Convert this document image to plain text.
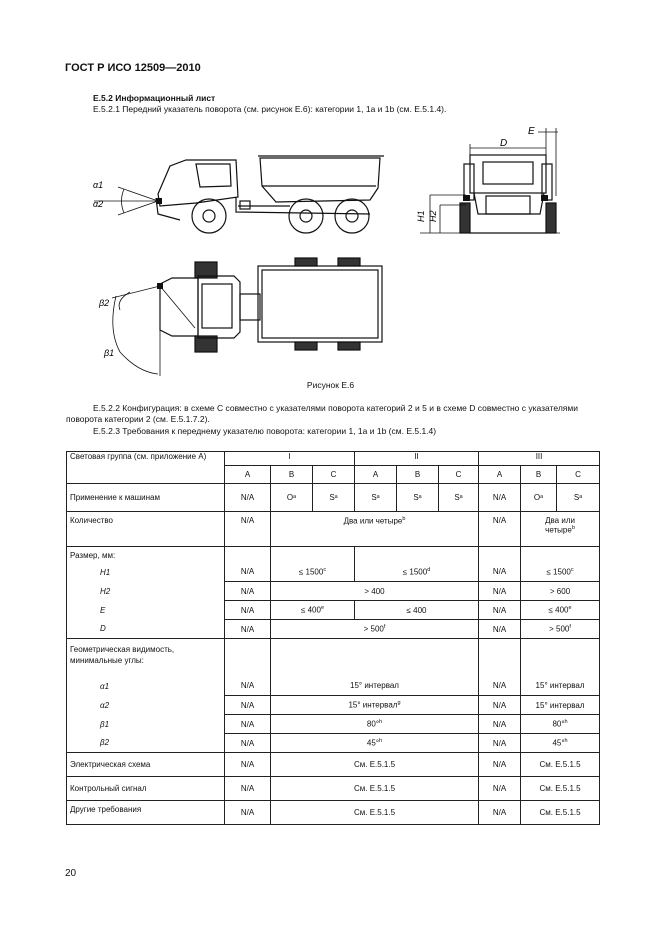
ГОСТ Р ИСО 12509—2010
Е.5.2 Информационный лист
Е.5.2.1 Передний указатель поворота (см. рисунок Е.6): категории 1, 1а и 1b (см. Е.5.1.4).
α1
α2
D
E
H1 H2
β2
β1
Рисунок Е.6
Е.5.2.2 Конфигурация: в схеме С совместно с указателями поворота категорий 2 и 5 и в схеме D совместно с указателями поворота категории 2 (см. Е.5.1.7.2).
Е.5.2.3 Требования к переднему указателю поворота: категории 1, 1а и 1b (см. Е.5.1.4)
Световая группа (см. приложение А)	I			II			III		
	A	B	C	A	B	C	A	B	C
Применение к машинам	N/A	Oᵃ	Sᵃ	Sᵃ	Sᵃ	Sᵃ	N/A	Oᵃ	Sᵃ
Количество	N/A	Два или четыре$^b$					N/A	Два или
четыре$^b$
Размер, мм:									

H1	N/A	≤ $1500^c$		≤ $1500^d$			N/A	≤ $1500^c$

H2	N/A	> 400					N/A	> 600	

E	N/A	≤ $400^e$		≤ 400			N/A	≤ $400^e$

D	N/A	> $500^f$					N/A	> $500^f$
Геометрическая видимость, минимальные углы:									

α1	N/A	15° интервал					N/A	15° интервал	

α2	N/A	15° интервал$^g$					N/A	15° интервал	

β1	N/A	80°$^h$					N/A	80°$^h$

β2	N/A	45°$^h$					N/A	45°$^h$
Электрическая схема	N/A	См. Е.5.1.5					N/A	См. Е.5.1.5	
Контрольный сигнал	N/A	См. Е.5.1.5					N/A	См. Е.5.1.5	
Другие требования	N/A	См. Е.5.1.5					N/A	См. Е.5.1.5	
20
